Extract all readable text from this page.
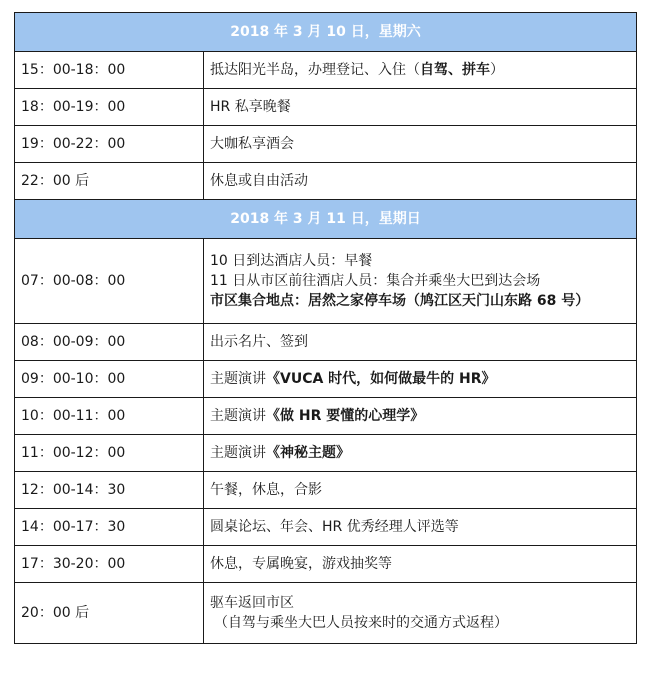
2018 年 3 月 10 日，星期六	
15：00-18：00	抵达阳光半岛，办理登记、入住（自驾、拼车）
18：00-19：00	HR 私享晚餐
19：00-22：00	大咖私享酒会
22：00 后	休息或自由活动
2018 年 3 月 11 日，星期日	
07：00-08：00	10 日到达酒店人员：早餐
11 日从市区前往酒店人员：集合并乘坐大巴到达会场
市区集合地点：居然之家停车场（鸠江区天门山东路 68 号）

08：00-09：00	出示名片、签到
09：00-10：00	主题演讲《VUCA 时代，如何做最牛的 HR》
10：00-11：00	主题演讲《做 HR 要懂的心理学》
11：00-12：00	主题演讲《神秘主题》
12：00-14：30	午餐，休息，合影
14：00-17：30	圆桌论坛、年会、HR 优秀经理人评选等
17：30-20：00	休息，专属晚宴，游戏抽奖等
20：00 后	驱车返回市区
（自驾与乘坐大巴人员按来时的交通方式返程）
